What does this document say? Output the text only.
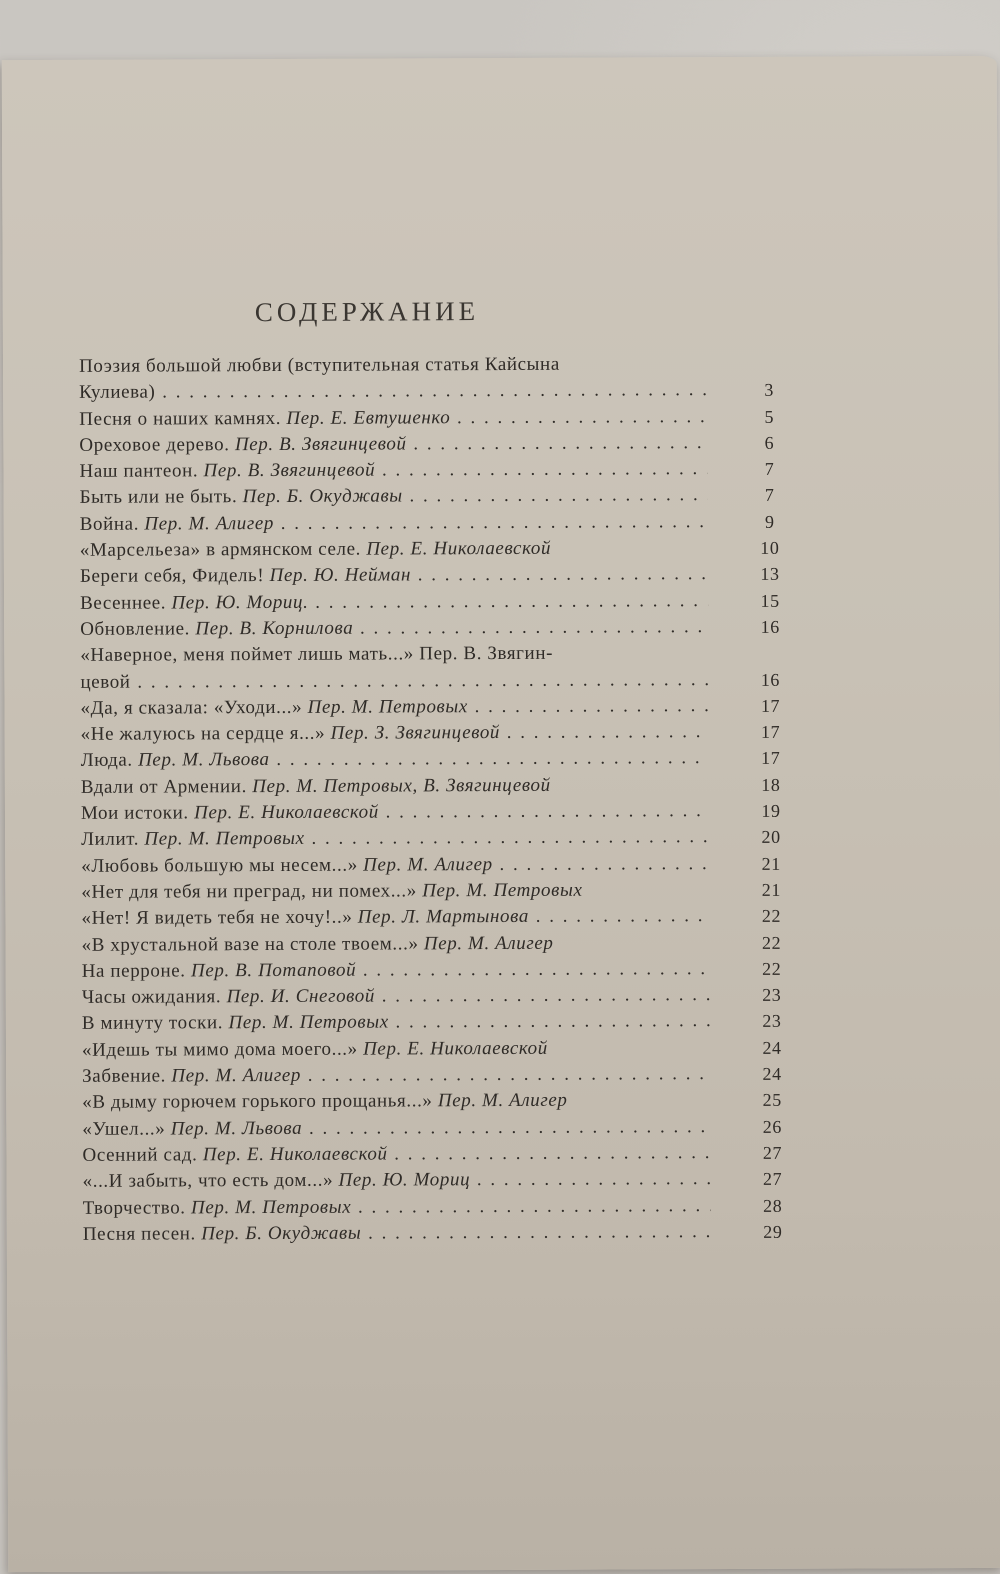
СОДЕРЖАНИЕ
Поэзия большой любви (вступительная статья Кайсына
Кулиева) . . .	3
Песня о наших камнях. Пер. Е. Евтушенко . . .	5
Ореховое дерево. Пер. В. Звягинцевой . . .	6
Наш пантеон. Пер. В. Звягинцевой . . .	7
Быть или не быть. Пер. Б. Окуджавы . . .	7
Война. Пер. М. Алигер . . .	9
«Марсельеза» в армянском селе. Пер. Е. Николаевской	10
Береги себя, Фидель! Пер. Ю. Нейман . . .	13
Весеннее. Пер. Ю. Мориц. . . .	15
Обновление. Пер. В. Корнилова . . .	16
«Наверное, меня поймет лишь мать...» Пер. В. Звягин-
цевой . . .	16
«Да, я сказала: «Уходи...» Пер. М. Петровых . . .	17
«Не жалуюсь на сердце я...» Пер. З. Звягинцевой . . .	17
Люда. Пер. М. Львова . . .	17
Вдали от Армении. Пер. М. Петровых, В. Звягинцевой	18
Мои истоки. Пер. Е. Николаевской . . .	19
Лилит. Пер. М. Петровых . . .	20
«Любовь большую мы несем...» Пер. М. Алигер . . .	21
«Нет для тебя ни преград, ни помех...» Пер. М. Петровых	21
«Нет! Я видеть тебя не хочу!..» Пер. Л. Мартынова . . .	22
«В хрустальной вазе на столе твоем...» Пер. М. Алигер	22
На перроне. Пер. В. Потаповой . . .	22
Часы ожидания. Пер. И. Снеговой . . .	23
В минуту тоски. Пер. М. Петровых . . .	23
«Идешь ты мимо дома моего...» Пер. Е. Николаевской	24
Забвение. Пер. М. Алигер . . .	24
«В дыму горючем горького прощанья...» Пер. М. Алигер	25
«Ушел...» Пер. М. Львова . . .	26
Осенний сад. Пер. Е. Николаевской . . .	27
«...И забыть, что есть дом...» Пер. Ю. Мориц . . .	27
Творчество. Пер. М. Петровых . . .	28
Песня песен. Пер. Б. Окуджавы . . .	29
